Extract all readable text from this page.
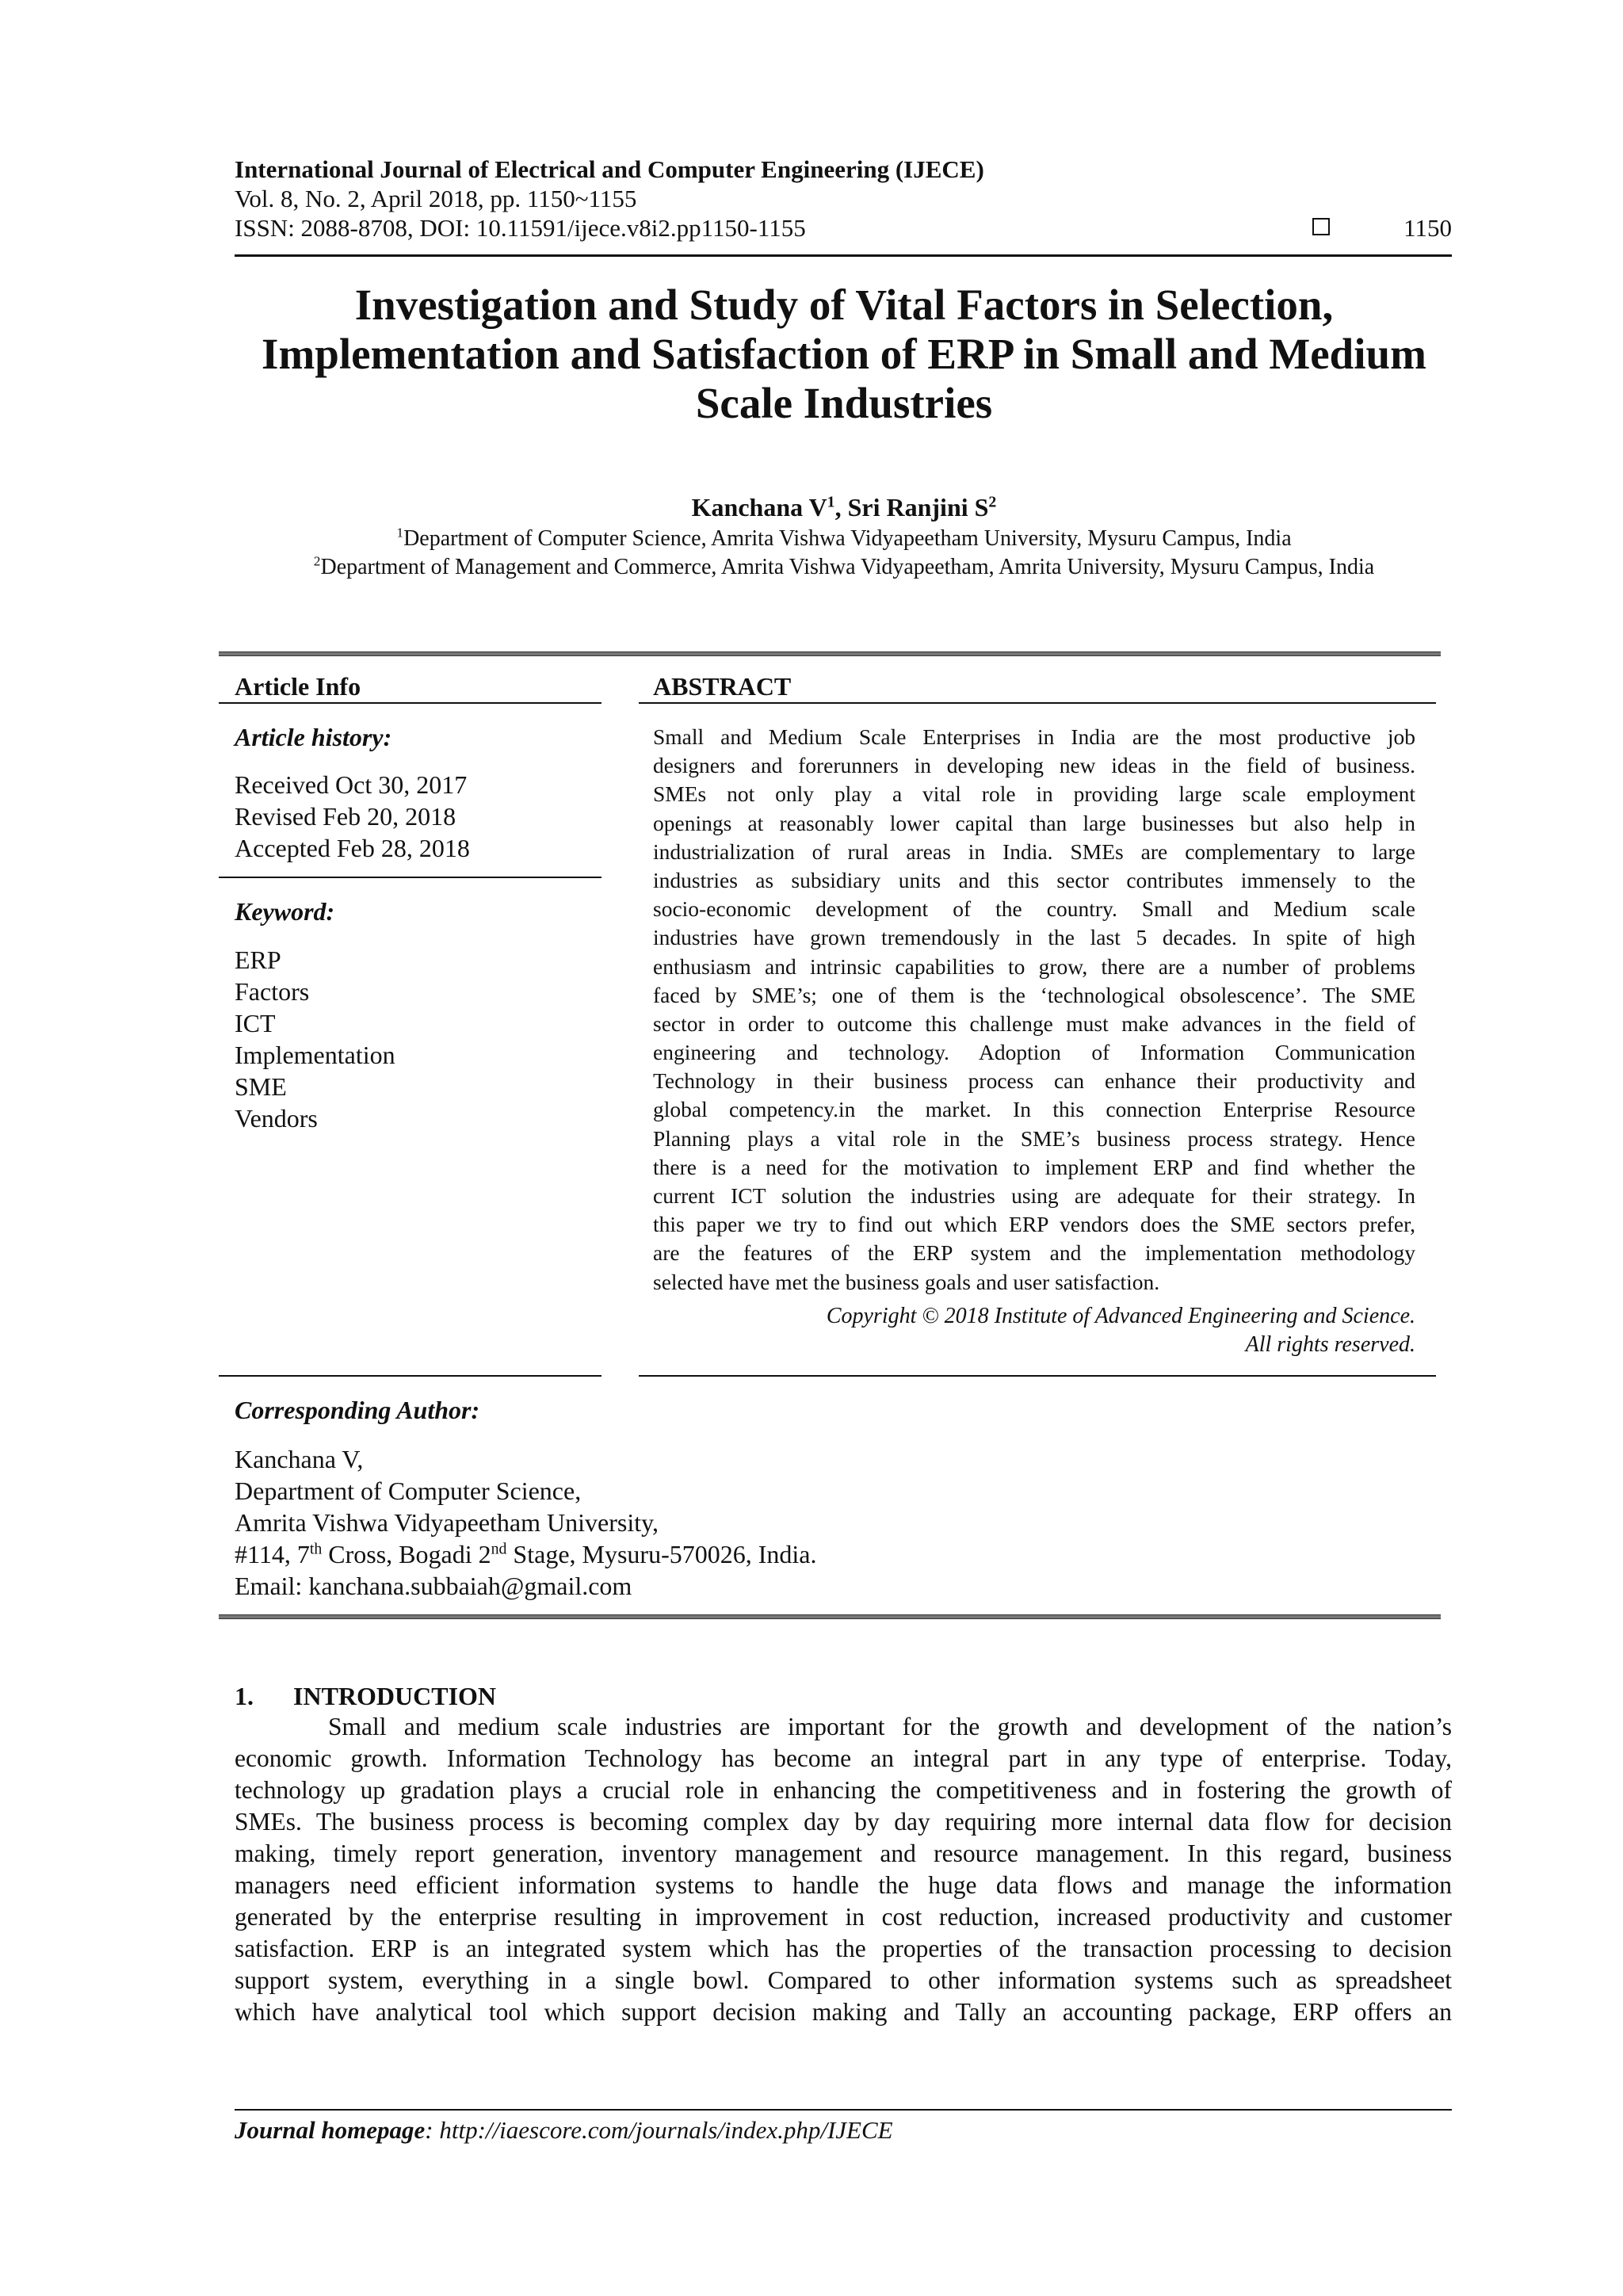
International Journal of Electrical and Computer Engineering (IJECE)
Vol. 8, No. 2, April 2018, pp. 1150~1155
ISSN: 2088-8708, DOI: 10.11591/ijece.v8i2.pp1150-1155	1150
Investigation and Study of Vital Factors in Selection,
Implementation and Satisfaction of ERP in Small and Medium
Scale Industries
Kanchana $V^1$, Sri Ranjini $S^2$
$^1$Department of Computer Science, Amrita Vishwa Vidyapeetham University, Mysuru Campus, India
$^2$Department of Management and Commerce, Amrita Vishwa Vidyapeetham, Amrita University, Mysuru Campus, India
Article Info	ABSTRACT
Article history:
Received Oct 30, 2017
Revised Feb 20, 2018
Accepted Feb 28, 2018
Keyword:
ERP
Factors
ICT
Implementation
SME
Vendors
Small and Medium Scale Enterprises in India are the most productive job
designers and forerunners in developing new ideas in the field of business.
SMEs not only play a vital role in providing large scale employment
openings at reasonably lower capital than large businesses but also help in
industrialization of rural areas in India. SMEs are complementary to large
industries as subsidiary units and this sector contributes immensely to the
socio-economic development of the country. Small and Medium scale
industries have grown tremendously in the last 5 decades. In spite of high
enthusiasm and intrinsic capabilities to grow, there are a number of problems
faced by SME’s; one of them is the ‘technological obsolescence’. The SME
sector in order to outcome this challenge must make advances in the field of
engineering and technology. Adoption of Information Communication
Technology in their business process can enhance their productivity and
global competency.in the market. In this connection Enterprise Resource
Planning plays a vital role in the SME’s business process strategy. Hence
there is a need for the motivation to implement ERP and find whether the
current ICT solution the industries using are adequate for their strategy. In
this paper we try to find out which ERP vendors does the SME sectors prefer,
are the features of the ERP system and the implementation methodology
selected have met the business goals and user satisfaction.
Copyright © 2018 Institute of Advanced Engineering and Science.
All rights reserved.
Corresponding Author:
Kanchana V,
Department of Computer Science,
Amrita Vishwa Vidyapeetham University,
#114, 7th Cross, Bogadi 2nd Stage, Mysuru-570026, India.
Email: kanchana.subbaiah@gmail.com
1. INTRODUCTION
Small and medium scale industries are important for the growth and development of the nation’s
economic growth. Information Technology has become an integral part in any type of enterprise. Today,
technology up gradation plays a crucial role in enhancing the competitiveness and in fostering the growth of
SMEs. The business process is becoming complex day by day requiring more internal data flow for decision
making, timely report generation, inventory management and resource management. In this regard, business
managers need efficient information systems to handle the huge data flows and manage the information
generated by the enterprise resulting in improvement in cost reduction, increased productivity and customer
satisfaction. ERP is an integrated system which has the properties of the transaction processing to decision
support system, everything in a single bowl. Compared to other information systems such as spreadsheet
which have analytical tool which support decision making and Tally an accounting package, ERP offers an
Journal homepage: http://iaescore.com/journals/index.php/IJECE
